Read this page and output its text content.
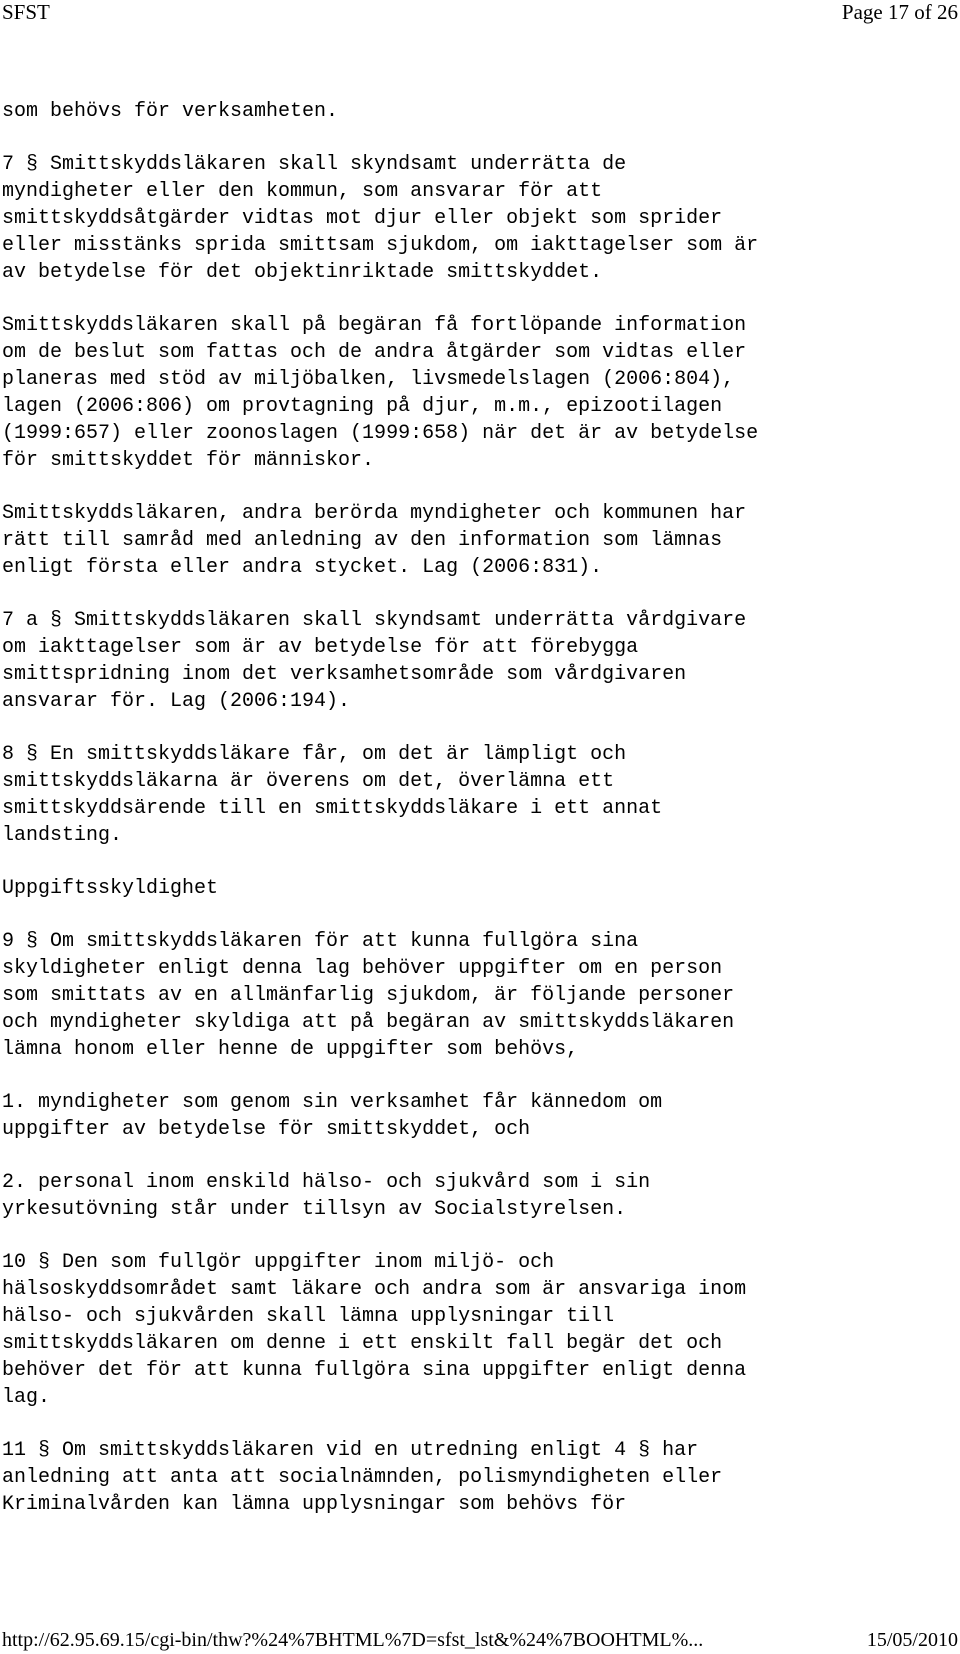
SFST	Page 17 of 26

som behövs för verksamheten.

7 § Smittskyddsläkaren skall skyndsamt underrätta de
myndigheter eller den kommun, som ansvarar för att
smittskyddsåtgärder vidtas mot djur eller objekt som sprider
eller misstänks sprida smittsam sjukdom, om iakttagelser som är
av betydelse för det objektinriktade smittskyddet.

Smittskyddsläkaren skall på begäran få fortlöpande information
om de beslut som fattas och de andra åtgärder som vidtas eller
planeras med stöd av miljöbalken, livsmedelslagen (2006:804),
lagen (2006:806) om provtagning på djur, m.m., epizootilagen
(1999:657) eller zoonoslagen (1999:658) när det är av betydelse
för smittskyddet för människor.

Smittskyddsläkaren, andra berörda myndigheter och kommunen har
rätt till samråd med anledning av den information som lämnas
enligt första eller andra stycket. Lag (2006:831).

7 a § Smittskyddsläkaren skall skyndsamt underrätta vårdgivare
om iakttagelser som är av betydelse för att förebygga
smittspridning inom det verksamhetsområde som vårdgivaren
ansvarar för. Lag (2006:194).

8 § En smittskyddsläkare får, om det är lämpligt och
smittskyddsläkarna är överens om det, överlämna ett
smittskyddsärende till en smittskyddsläkare i ett annat
landsting.

Uppgiftsskyldighet

9 § Om smittskyddsläkaren för att kunna fullgöra sina
skyldigheter enligt denna lag behöver uppgifter om en person
som smittats av en allmänfarlig sjukdom, är följande personer
och myndigheter skyldiga att på begäran av smittskyddsläkaren
lämna honom eller henne de uppgifter som behövs,

1. myndigheter som genom sin verksamhet får kännedom om
uppgifter av betydelse för smittskyddet, och

2. personal inom enskild hälso- och sjukvård som i sin
yrkesutövning står under tillsyn av Socialstyrelsen.

10 § Den som fullgör uppgifter inom miljö- och
hälsoskyddsområdet samt läkare och andra som är ansvariga inom
hälso- och sjukvården skall lämna upplysningar till
smittskyddsläkaren om denne i ett enskilt fall begär det och
behöver det för att kunna fullgöra sina uppgifter enligt denna
lag.

11 § Om smittskyddsläkaren vid en utredning enligt 4 § har
anledning att anta att socialnämnden, polismyndigheten eller
Kriminalvården kan lämna upplysningar som behövs för

http://62.95.69.15/cgi-bin/thw?%24%7BHTML%7D=sfst_lst&%24%7BOOHTML%...	15/05/2010
